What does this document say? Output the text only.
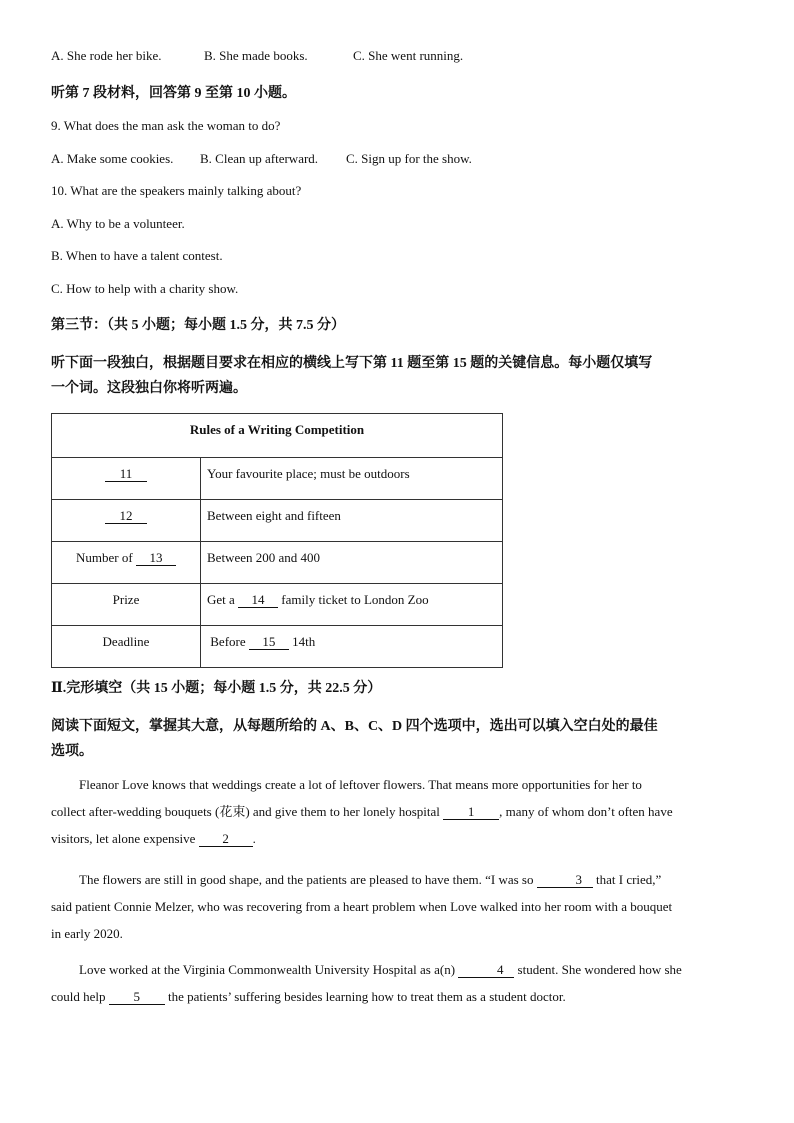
A. She rode her bike.	B. She made books.	C. She went running.
听第 7 段材料，回答第 9 至第 10 小题。
9. What does the man ask the woman to do?
A. Make some cookies. B. Clean up afterward. C. Sign up for the show.
10. What are the speakers mainly talking about?
A. Why to be a volunteer.
B. When to have a talent contest.
C. How to help with a charity show.
第三节：（共 5 小题；每小题 1.5 分，共 7.5 分）
听下面一段独白，根据题目要求在相应的横线上写下第 11 题至第 15 题的关键信息。每小题仅填写
一个词。这段独白你将听两遍。
Rules of a Writing Competition	
11	Your favourite place; must be outdoors
12	Between eight and fifteen
Number of 13	Between 200 and 400
Prize	Get a 14 family ticket to London Zoo
Deadline	Before 15 14th
Ⅱ.完形填空（共 15 小题；每小题 1.5 分，共 22.5 分）
阅读下面短文，掌握其大意，从每题所给的 A、B、C、D 四个选项中，选出可以填入空白处的最佳
选项。
Fleanor Love knows that weddings create a lot of leftover flowers. That means more opportunities for her to
collect after-wedding bouquets (花束) and give them to her lonely hospital 1 , many of whom don’t often have
visitors, let alone expensive 2 .
The flowers are still in good shape, and the patients are pleased to have them. “I was so	3 that I cried,”
said patient Connie Melzer, who was recovering from a heart problem when Love walked into her room with a bouquet
in early 2020.
Love worked at the Virginia Commonwealth University Hospital as a(n)	4 student. She wondered how she
could help 5 the patients’ suffering besides learning how to treat them as a student doctor.
